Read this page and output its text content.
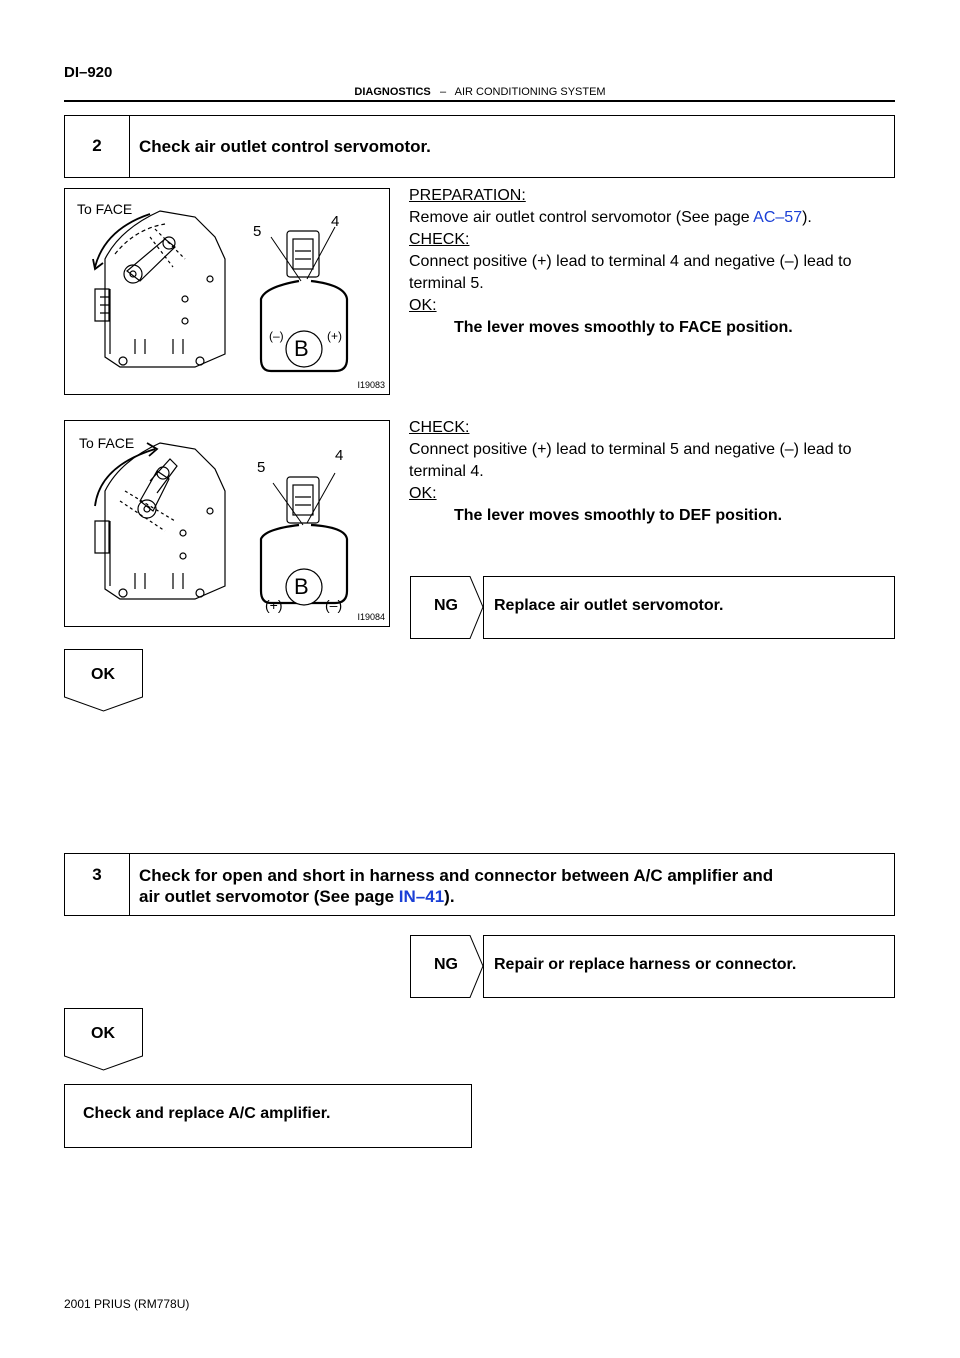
DI–920
DIAGNOSTICS – AIR CONDITIONING SYSTEM
2	Check air outlet control servomotor.
To FACE
5
4
(–)	(+)
B
I19083
PREPARATION:
Remove air outlet control servomotor (See page AC–57).
CHECK:
Connect positive (+) lead to terminal 4 and negative (–) lead to
terminal 5.
OK:
The lever moves smoothly to FACE position.
To FACE
5
4
(+)	(–)
B
I19084
CHECK:
Connect positive (+) lead to terminal 5 and negative (–) lead to
terminal 4.
OK:
The lever moves smoothly to DEF position.
NG	Replace air outlet servomotor.
OK
3	Check for open and short in harness and connector between A/C amplifier and
air outlet servomotor (See page IN–41).
NG	Repair or replace harness or connector.
OK
Check and replace A/C amplifier.
2001 PRIUS (RM778U)
